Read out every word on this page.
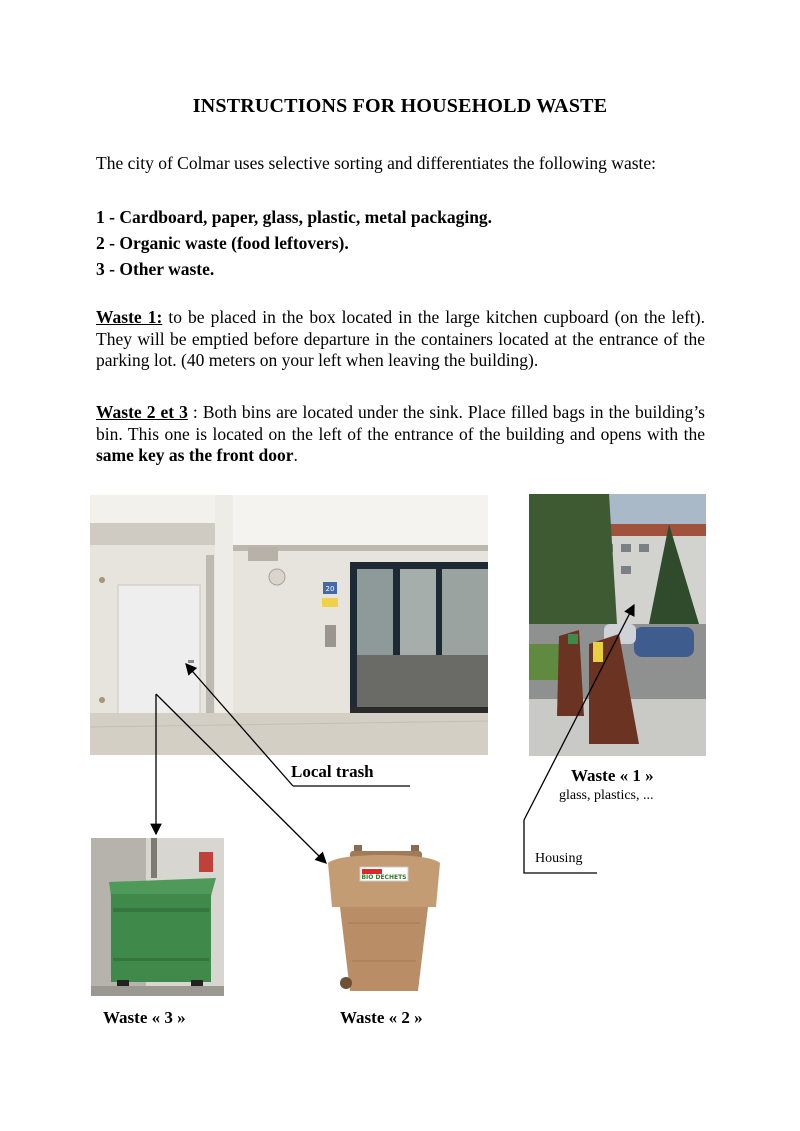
INSTRUCTIONS FOR HOUSEHOLD WASTE
The city of Colmar uses selective sorting and differentiates the following waste:
1 - Cardboard, paper, glass, plastic, metal packaging.
2 - Organic waste (food leftovers).
3 - Other waste.

Waste 1: to be placed in the box located in the large kitchen cupboard (on the left). They will be emptied before departure in the containers located at the entrance of the parking lot. (40 meters on your left when leaving the building).

Waste 2 et 3 : Both bins are located under the sink. Place filled bags in the building’s bin. This one is located on the left of the entrance of the building and opens with the same key as the front door.

20
BIO DECHETS
Local trash	Waste « 1 »
glass, plastics, ...
Housing
Waste « 3 »	Waste « 2 »
